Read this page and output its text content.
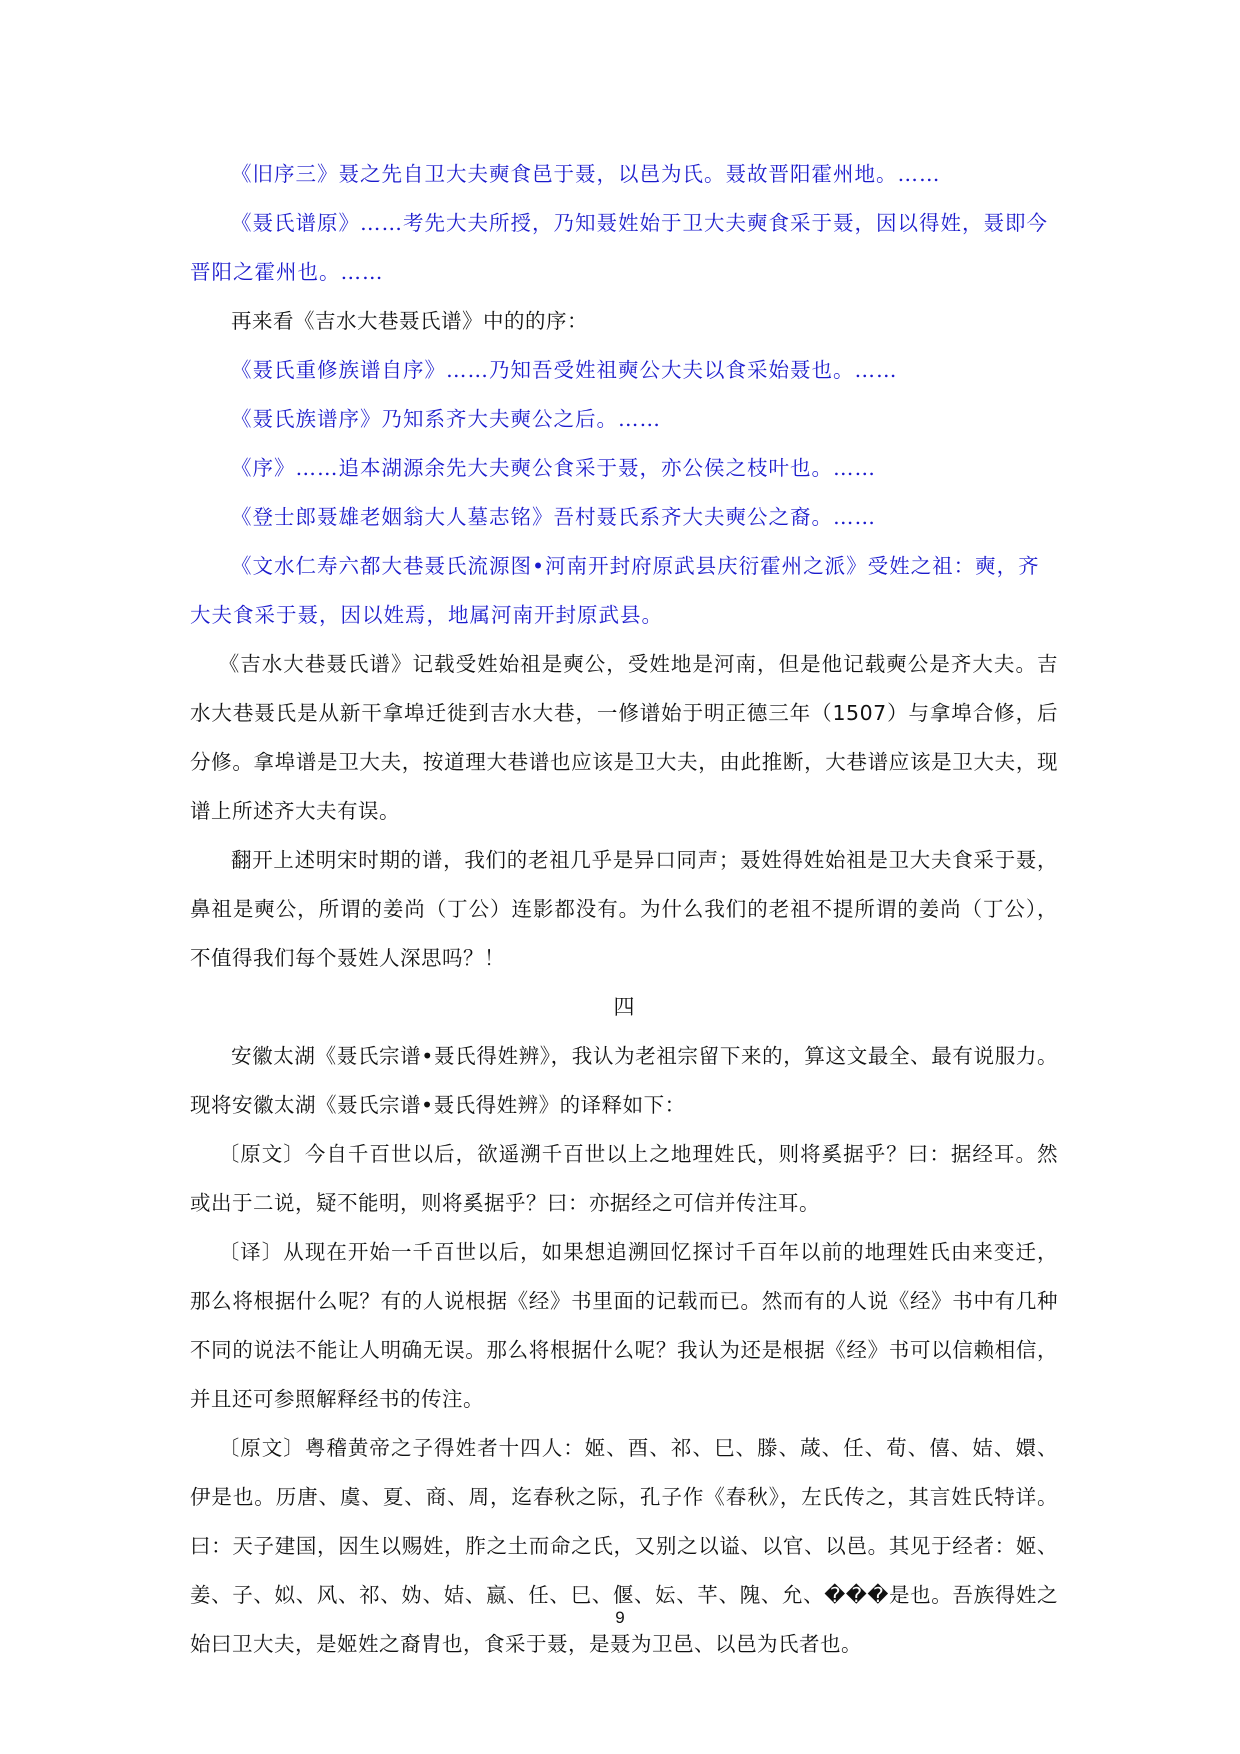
《旧序三》聂之先自卫大夫奭食邑于聂，以邑为氏。聂故晋阳霍州地。……

《聂氏谱原》……考先大夫所授，乃知聂姓始于卫大夫奭食采于聂，因以得姓，聂即今晋阳之霍州也。……

再来看《吉水大巷聂氏谱》中的的序：

《聂氏重修族谱自序》……乃知吾受姓祖奭公大夫以食采始聂也。……

《聂氏族谱序》乃知系齐大夫奭公之后。……

《序》……追本湖源余先大夫奭公食采于聂，亦公侯之枝叶也。……

《登士郎聂雄老姻翁大人墓志铭》吾村聂氏系齐大夫奭公之裔。……

《文水仁寿六都大巷聂氏流源图•河南开封府原武县庆衍霍州之派》受姓之祖：奭，齐大夫食采于聂，因以姓焉，地属河南开封原武县。

《吉水大巷聂氏谱》记载受姓始祖是奭公，受姓地是河南，但是他记载奭公是齐大夫。吉水大巷聂氏是从新干拿埠迁徙到吉水大巷，一修谱始于明正德三年（1507）与拿埠合修，后分修。拿埠谱是卫大夫，按道理大巷谱也应该是卫大夫，由此推断，大巷谱应该是卫大夫，现谱上所述齐大夫有误。

翻开上述明宋时期的谱，我们的老祖几乎是异口同声；聂姓得姓始祖是卫大夫食采于聂，鼻祖是奭公，所谓的姜尚（丁公）连影都没有。为什么我们的老祖不提所谓的姜尚（丁公），不值得我们每个聂姓人深思吗？！

四

安徽太湖《聂氏宗谱•聂氏得姓辨》，我认为老祖宗留下来的，算这文最全、最有说服力。现将安徽太湖《聂氏宗谱•聂氏得姓辨》的译释如下：

〔原文〕今自千百世以后，欲遥溯千百世以上之地理姓氏，则将奚据乎？曰：据经耳。然或出于二说，疑不能明，则将奚据乎？曰：亦据经之可信并传注耳。

〔译〕从现在开始一千百世以后，如果想追溯回忆探讨千百年以前的地理姓氏由来变迁，那么将根据什么呢？有的人说根据《经》书里面的记载而已。然而有的人说《经》书中有几种不同的说法不能让人明确无误。那么将根据什么呢？我认为还是根据《经》书可以信赖相信，并且还可参照解释经书的传注。

〔原文〕粤稽黄帝之子得姓者十四人：姬、酉、祁、巳、滕、葴、任、荀、僖、姞、嬛、伊是也。历唐、虞、夏、商、周，迄春秋之际，孔子作《春秋》，左氏传之，其言姓氏特详。曰：天子建国，因生以赐姓，胙之土而命之氏，又别之以谥、以官、以邑。其见于经者：姬、姜、子、姒、风、祁、妫、姞、嬴、任、巳、偃、妘、芊、隗、允、���是也。吾族得姓之始曰卫大夫，是姬姓之裔胄也，食采于聂，是聂为卫邑、以邑为氏者也。

9
